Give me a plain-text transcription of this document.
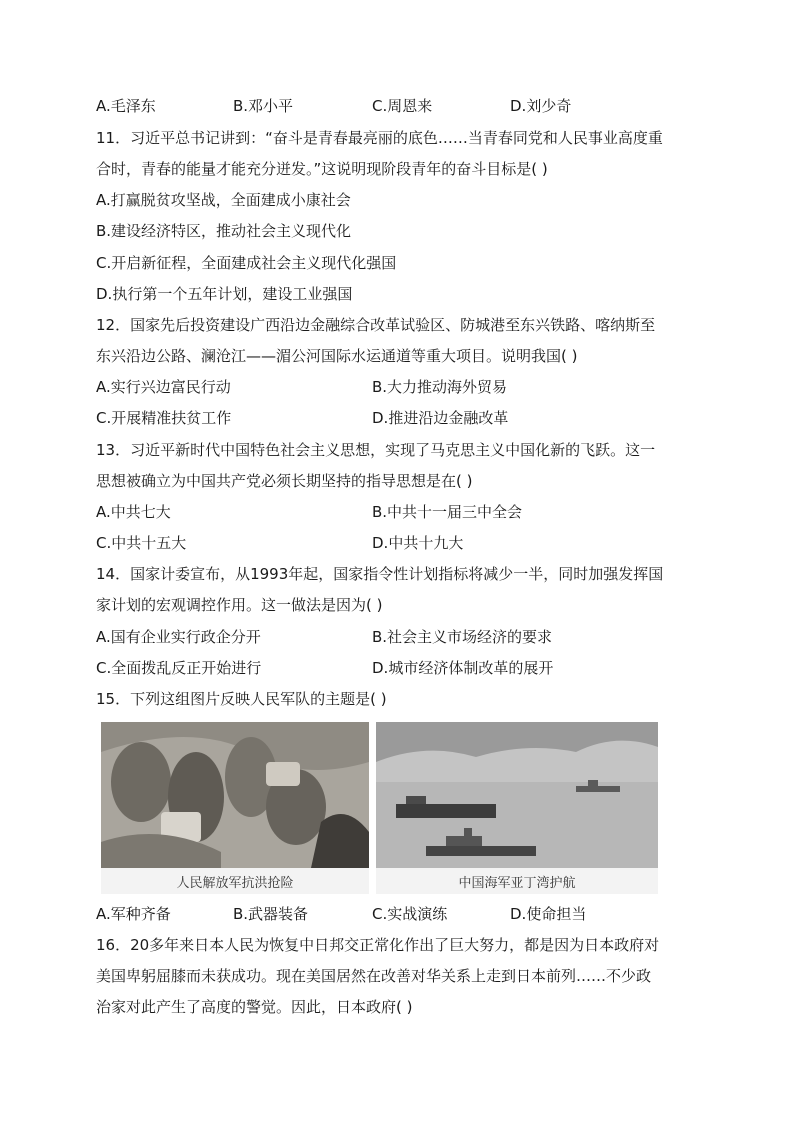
A.毛泽东	B.邓小平	C.周恩来	D.刘少奇
11．习近平总书记讲到：“奋斗是青春最亮丽的底色……当青春同党和人民事业高度重
合时，青春的能量才能充分迸发。”这说明现阶段青年的奋斗目标是( )
A.打赢脱贫攻坚战，全面建成小康社会
B.建设经济特区，推动社会主义现代化
C.开启新征程，全面建成社会主义现代化强国
D.执行第一个五年计划，建设工业强国
12．国家先后投资建设广西沿边金融综合改革试验区、防城港至东兴铁路、喀纳斯至
东兴沿边公路、澜沧江——湄公河国际水运通道等重大项目。说明我国( )
A.实行兴边富民行动	B.大力推动海外贸易
C.开展精准扶贫工作	D.推进沿边金融改革
13．习近平新时代中国特色社会主义思想，实现了马克思主义中国化新的飞跃。这一
思想被确立为中国共产党必须长期坚持的指导思想是在( )
A.中共七大	B.中共十一届三中全会
C.中共十五大	D.中共十九大
14．国家计委宣布，从1993年起，国家指令性计划指标将减少一半，同时加强发挥国
家计划的宏观调控作用。这一做法是因为( )
A.国有企业实行政企分开	B.社会主义市场经济的要求
C.全面拨乱反正开始进行	D.城市经济体制改革的展开
15．下列这组图片反映人民军队的主题是( )
人民解放军抗洪抢险	中国海军亚丁湾护航
A.军种齐备	B.武器装备	C.实战演练	D.使命担当
16．20多年来日本人民为恢复中日邦交正常化作出了巨大努力，都是因为日本政府对
美国卑躬屈膝而未获成功。现在美国居然在改善对华关系上走到日本前列……不少政
治家对此产生了高度的警觉。因此，日本政府( )
